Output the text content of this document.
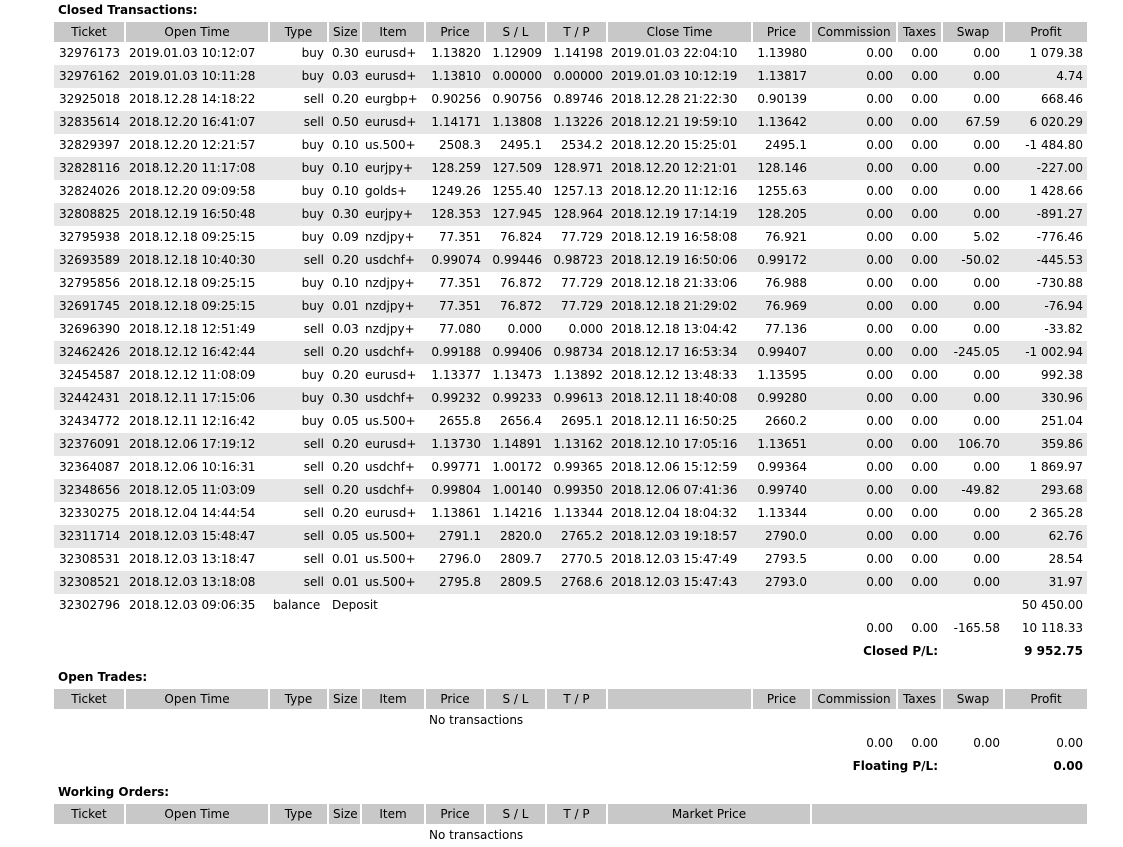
Closed Transactions:
Ticket	Open Time	Type	Size	Item	Price	S / L	T / P	Close Time	Price	Commission	Taxes	Swap	Profit
32976173	2019.01.03 10:12:07	buy	0.30	eurusd+	1.13820	1.12909	1.14198	2019.01.03 22:04:10	1.13980	0.00	0.00	0.00	1 079.38
32976162	2019.01.03 10:11:28	buy	0.03	eurusd+	1.13810	0.00000	0.00000	2019.01.03 10:12:19	1.13817	0.00	0.00	0.00	4.74
32925018	2018.12.28 14:18:22	sell	0.20	eurgbp+	0.90256	0.90756	0.89746	2018.12.28 21:22:30	0.90139	0.00	0.00	0.00	668.46
32835614	2018.12.20 16:41:07	sell	0.50	eurusd+	1.14171	1.13808	1.13226	2018.12.21 19:59:10	1.13642	0.00	0.00	67.59	6 020.29
32829397	2018.12.20 12:21:57	buy	0.10	us.500+	2508.3	2495.1	2534.2	2018.12.20 15:25:01	2495.1	0.00	0.00	0.00	-1 484.80
32828116	2018.12.20 11:17:08	buy	0.10	eurjpy+	128.259	127.509	128.971	2018.12.20 12:21:01	128.146	0.00	0.00	0.00	-227.00
32824026	2018.12.20 09:09:58	buy	0.10	golds+	1249.26	1255.40	1257.13	2018.12.20 11:12:16	1255.63	0.00	0.00	0.00	1 428.66
32808825	2018.12.19 16:50:48	buy	0.30	eurjpy+	128.353	127.945	128.964	2018.12.19 17:14:19	128.205	0.00	0.00	0.00	-891.27
32795938	2018.12.18 09:25:15	buy	0.09	nzdjpy+	77.351	76.824	77.729	2018.12.19 16:58:08	76.921	0.00	0.00	5.02	-776.46
32693589	2018.12.18 10:40:30	sell	0.20	usdchf+	0.99074	0.99446	0.98723	2018.12.19 16:50:06	0.99172	0.00	0.00	-50.02	-445.53
32795856	2018.12.18 09:25:15	buy	0.10	nzdjpy+	77.351	76.872	77.729	2018.12.18 21:33:06	76.988	0.00	0.00	0.00	-730.88
32691745	2018.12.18 09:25:15	buy	0.01	nzdjpy+	77.351	76.872	77.729	2018.12.18 21:29:02	76.969	0.00	0.00	0.00	-76.94
32696390	2018.12.18 12:51:49	sell	0.03	nzdjpy+	77.080	0.000	0.000	2018.12.18 13:04:42	77.136	0.00	0.00	0.00	-33.82
32462426	2018.12.12 16:42:44	sell	0.20	usdchf+	0.99188	0.99406	0.98734	2018.12.17 16:53:34	0.99407	0.00	0.00	-245.05	-1 002.94
32454587	2018.12.12 11:08:09	buy	0.20	eurusd+	1.13377	1.13473	1.13892	2018.12.12 13:48:33	1.13595	0.00	0.00	0.00	992.38
32442431	2018.12.11 17:15:06	buy	0.30	usdchf+	0.99232	0.99233	0.99613	2018.12.11 18:40:08	0.99280	0.00	0.00	0.00	330.96
32434772	2018.12.11 12:16:42	buy	0.05	us.500+	2655.8	2656.4	2695.1	2018.12.11 16:50:25	2660.2	0.00	0.00	0.00	251.04
32376091	2018.12.06 17:19:12	sell	0.20	eurusd+	1.13730	1.14891	1.13162	2018.12.10 17:05:16	1.13651	0.00	0.00	106.70	359.86
32364087	2018.12.06 10:16:31	sell	0.20	usdchf+	0.99771	1.00172	0.99365	2018.12.06 15:12:59	0.99364	0.00	0.00	0.00	1 869.97
32348656	2018.12.05 11:03:09	sell	0.20	usdchf+	0.99804	1.00140	0.99350	2018.12.06 07:41:36	0.99740	0.00	0.00	-49.82	293.68
32330275	2018.12.04 14:44:54	sell	0.20	eurusd+	1.13861	1.14216	1.13344	2018.12.04 18:04:32	1.13344	0.00	0.00	0.00	2 365.28
32311714	2018.12.03 15:48:47	sell	0.05	us.500+	2791.1	2820.0	2765.2	2018.12.03 19:18:57	2790.0	0.00	0.00	0.00	62.76
32308531	2018.12.03 13:18:47	sell	0.01	us.500+	2796.0	2809.7	2770.5	2018.12.03 15:47:49	2793.5	0.00	0.00	0.00	28.54
32308521	2018.12.03 13:18:08	sell	0.01	us.500+	2795.8	2809.5	2768.6	2018.12.03 15:47:43	2793.0	0.00	0.00	0.00	31.97
32302796	2018.12.03 09:06:35	balance	Deposit										50 450.00
										0.00	0.00	-165.58	10 118.33
										Closed P/L:			9 952.75
Open Trades:
Ticket	Open Time	Type	Size	Item	Price	S / L	T / P		Price	Commission	Taxes	Swap	Profit
					No transactions								
										0.00	0.00	0.00	0.00
										Floating P/L:			0.00
Working Orders:
Ticket	Open Time	Type	Size	Item	Price	S / L	T / P	Market Price	
					No transactions				
